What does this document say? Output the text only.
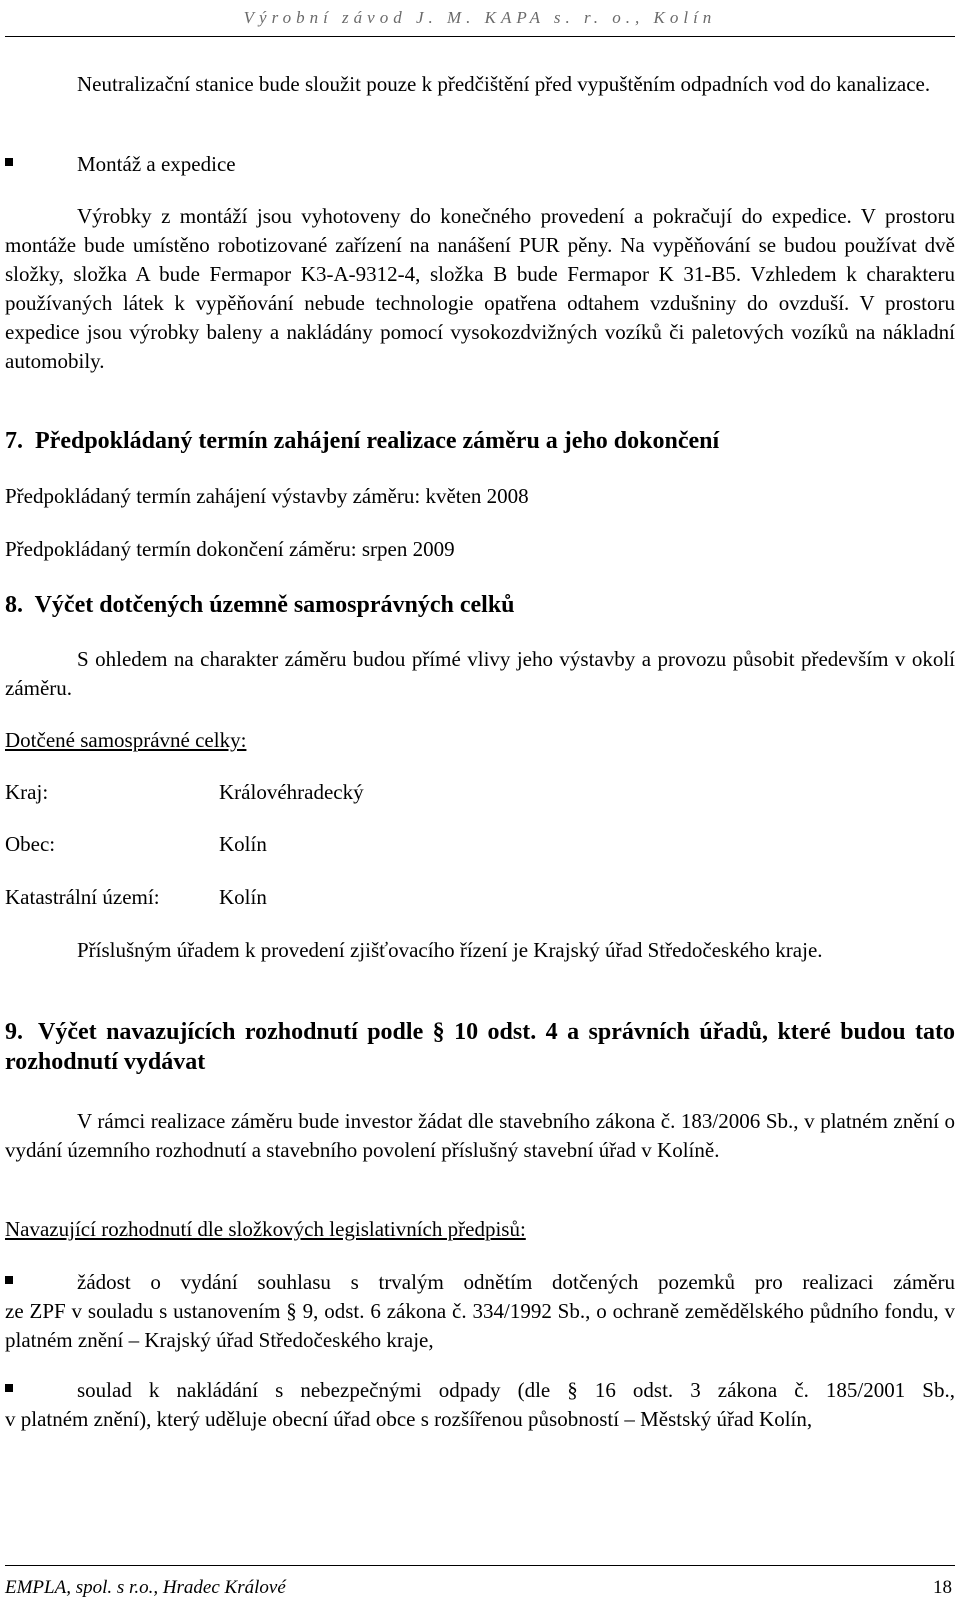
Výrobní závod J. M. KAPA s. r. o., Kolín
Neutralizační stanice bude sloužit pouze k předčištění před vypuštěním odpadních vod do kanalizace.
Montáž a expedice
Výrobky z montáží jsou vyhotoveny do konečného provedení a pokračují do expedice. V prostoru montáže bude umístěno robotizované zařízení na nanášení PUR pěny. Na vypěňování se budou používat dvě složky, složka A bude Fermapor K3-A-9312-4, složka B bude Fermapor K 31-B5. Vzhledem k charakteru používaných látek k vypěňování nebude technologie opatřena odtahem vzdušniny do ovzduší. V prostoru expedice jsou výrobky baleny a nakládány pomocí vysokozdvižných vozíků či paletových vozíků na nákladní automobily.
7. Předpokládaný termín zahájení realizace záměru a jeho dokončení
Předpokládaný termín zahájení výstavby záměru: květen 2008
Předpokládaný termín dokončení záměru: srpen 2009
8. Výčet dotčených územně samosprávných celků
S ohledem na charakter záměru budou přímé vlivy jeho výstavby a provozu působit především v okolí záměru.
Dotčené samosprávné celky:
Kraj:	Královéhradecký
Obec:	Kolín
Katastrální území:	Kolín
Příslušným úřadem k provedení zjišťovacího řízení je Krajský úřad Středočeského kraje.
9. Výčet navazujících rozhodnutí podle § 10 odst. 4 a správních úřadů, které budou tato rozhodnutí vydávat
V rámci realizace záměru bude investor žádat dle stavebního zákona č. 183/2006 Sb., v platném znění o vydání územního rozhodnutí a stavebního povolení příslušný stavební úřad v Kolíně.
Navazující rozhodnutí dle složkových legislativních předpisů:
žádost o vydání souhlasu s trvalým odnětím dotčených pozemků pro realizaci záměru
ze ZPF v souladu s ustanovením § 9, odst. 6 zákona č. 334/1992 Sb., o ochraně zemědělského půdního fondu, v platném znění – Krajský úřad Středočeského kraje,
soulad k nakládání s nebezpečnými odpady (dle § 16 odst. 3 zákona č. 185/2001 Sb.,
v platném znění), který uděluje obecní úřad obce s rozšířenou působností – Městský úřad Kolín,
EMPLA, spol. s r.o., Hradec Králové	18
